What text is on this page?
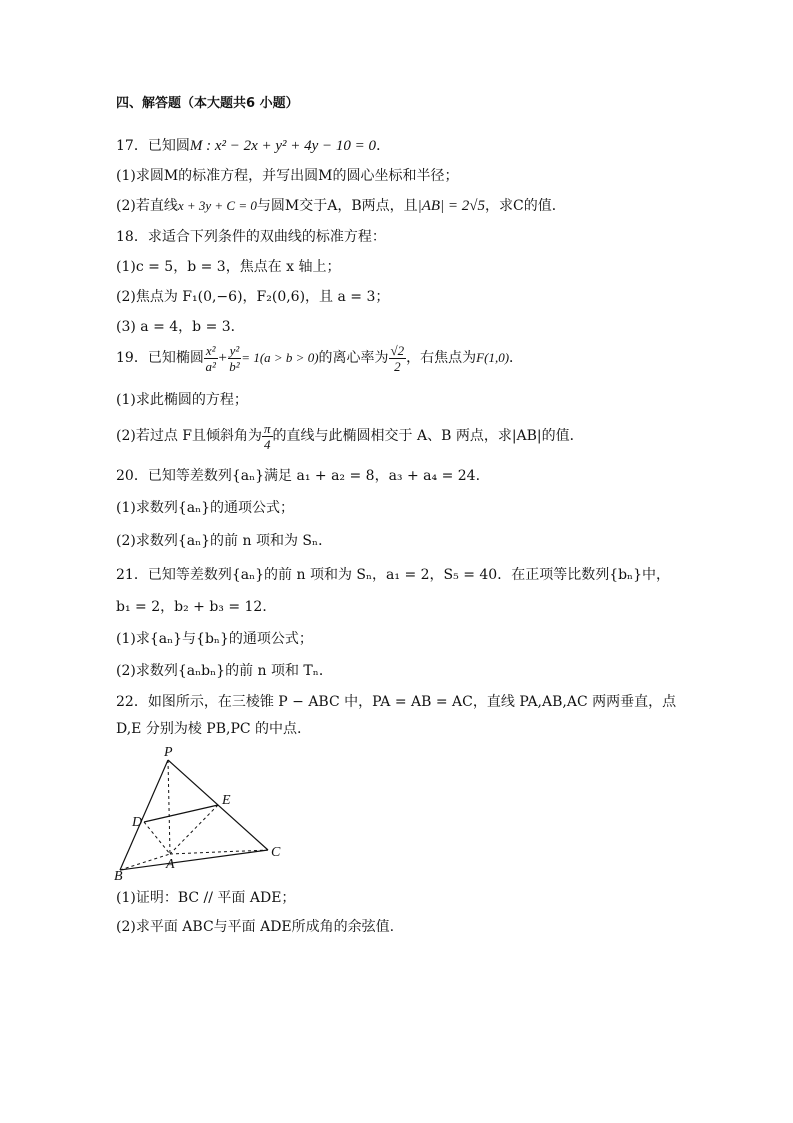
四、解答题（本大题共6 小题）
17．已知圆M : x² − 2x + y² + 4y − 10 = 0．
(1)求圆M的标准方程，并写出圆M的圆心坐标和半径；
(2)若直线x + 3y + C = 0与圆M交于A，B两点，且|AB| = 2√5，求C的值．
18．求适合下列条件的双曲线的标准方程：
(1)c = 5，b = 3，焦点在 x 轴上；
(2)焦点为 F₁(0,−6)，F₂(0,6)，且 a = 3；
(3) a = 4，b = 3．
19．已知椭圆 $\frac{\text{x²}}{\text{a²}} + \frac{\text{y²}}{\text{b²}} = 1(a > b > 0)$的离心率为 $\frac{√2}{2}$ ，右焦点为F(1,0)．
(1)求此椭圆的方程；
(2)若过点 F且倾斜角为 $\frac{\pi}{4}$ 的直线与此椭圆相交于 A、B 两点，求|AB|的值．
20．已知等差数列{aₙ}满足 a₁ + a₂ = 8，a₃ + a₄ = 24.
(1)求数列{aₙ}的通项公式；
(2)求数列{aₙ}的前 n 项和为 Sₙ．
21．已知等差数列{aₙ}的前 n 项和为 Sₙ，a₁ = 2，S₅ = 40．在正项等比数列{bₙ}中，
b₁ = 2，b₂ + b₃ = 12．
(1)求{aₙ}与{bₙ}的通项公式；
(2)求数列{aₙbₙ}的前 n 项和 Tₙ．
22．如图所示，在三棱锥 P − ABC 中，PA = AB = AC，直线 PA,AB,AC 两两垂直，点
D,E 分别为棱 PB,PC 的中点.
P
E
D
A
C
B
(1)证明：BC // 平面 ADE；
(2)求平面 ABC与平面 ADE所成角的余弦值.
